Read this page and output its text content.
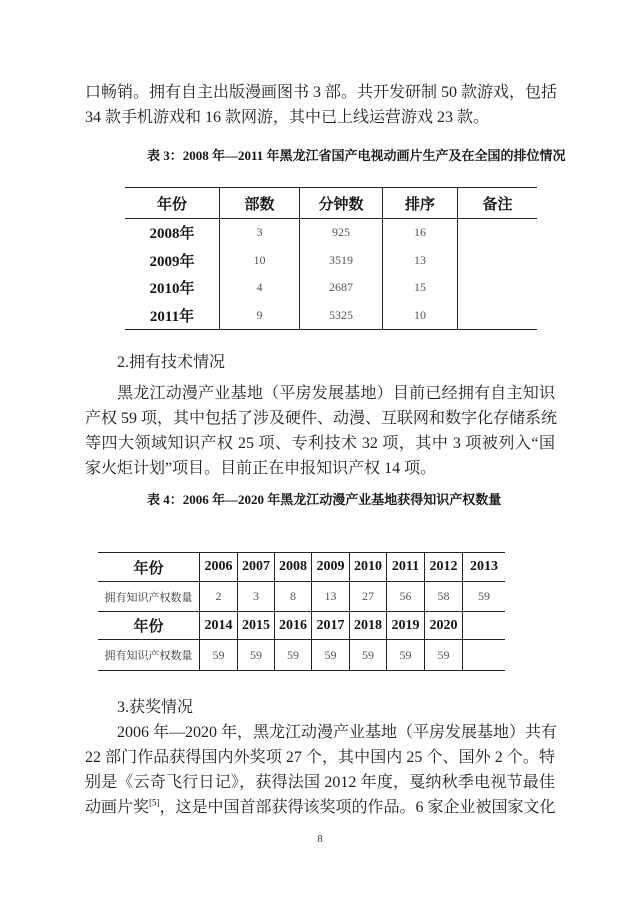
口畅销。拥有自主出版漫画图书 3 部。共开发研制 50 款游戏，包括
34 款手机游戏和 16 款网游，其中已上线运营游戏 23 款。
表 3：2008 年—2011 年黑龙江省国产电视动画片生产及在全国的排位情况
年份	部数	分钟数	排序	备注
2008年	3	925	16
2009年	10	3519	13
2010年	4	2687	15
2011年	9	5325	10
2.拥有技术情况
黑龙江动漫产业基地（平房发展基地）目前已经拥有自主知识
产权 59 项，其中包括了涉及硬件、动漫、互联网和数字化存储系统
等四大领域知识产权 25 项、专利技术 32 项，其中 3 项被列入“国
家火炬计划”项目。目前正在申报知识产权 14 项。
表 4：2006 年—2020 年黑龙江动漫产业基地获得知识产权数量
年份	2006 2007 2008 2009 2010 2011 2012 2013
拥有知识产权数量	2	3	8	13	27	56	58	59
年份	2014 2015 2016 2017 2018 2019 2020
拥有知识产权数量	59	59	59	59	59	59	59
3.获奖情况
2006 年—2020 年，黑龙江动漫产业基地（平房发展基地）共有
22 部门作品获得国内外奖项 27 个，其中国内 25 个、国外 2 个。特
别是《云奇飞行日记》，获得法国 2012 年度，戛纳秋季电视节最佳
动画片奖[5]，这是中国首部获得该奖项的作品。6 家企业被国家文化
8
